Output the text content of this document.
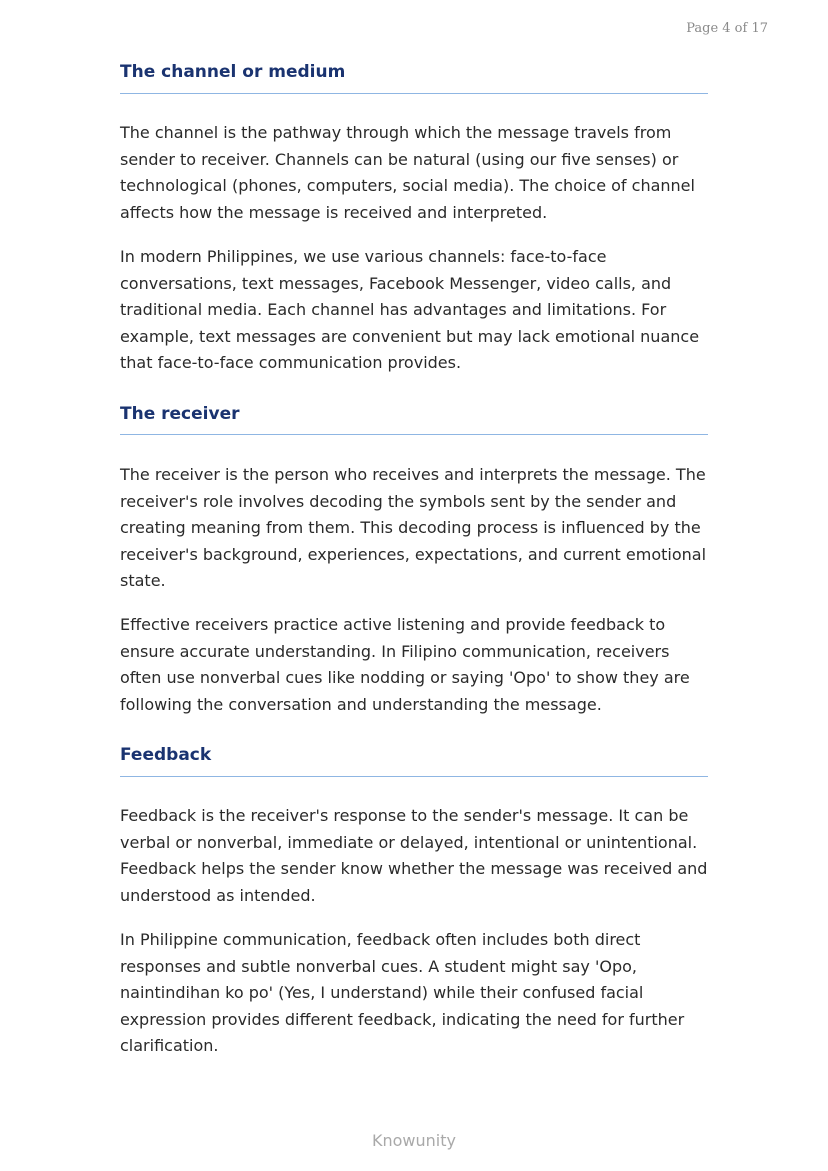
Page 4 of 17
The channel or medium

The channel is the pathway through which the message travels from sender to receiver. Channels can be natural (using our five senses) or technological (phones, computers, social media). The choice of channel affects how the message is received and interpreted.

In modern Philippines, we use various channels: face-to-face conversations, text messages, Facebook Messenger, video calls, and traditional media. Each channel has advantages and limitations. For example, text messages are convenient but may lack emotional nuance that face-to-face communication provides.

The receiver

The receiver is the person who receives and interprets the message. The receiver's role involves decoding the symbols sent by the sender and creating meaning from them. This decoding process is influenced by the receiver's background, experiences, expectations, and current emotional state.

Effective receivers practice active listening and provide feedback to ensure accurate understanding. In Filipino communication, receivers often use nonverbal cues like nodding or saying 'Opo' to show they are following the conversation and understanding the message.

Feedback

Feedback is the receiver's response to the sender's message. It can be verbal or nonverbal, immediate or delayed, intentional or unintentional. Feedback helps the sender know whether the message was received and understood as intended.

In Philippine communication, feedback often includes both direct responses and subtle nonverbal cues. A student might say 'Opo, naintindihan ko po' (Yes, I understand) while their confused facial expression provides different feedback, indicating the need for further clarification.

Knowunity
